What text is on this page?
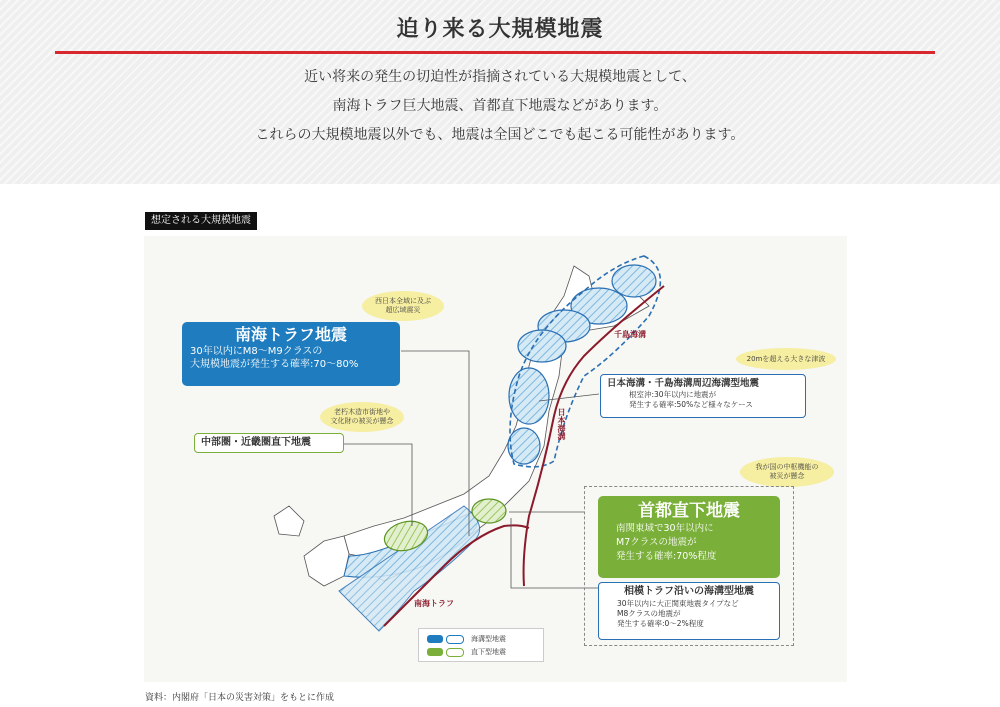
迫り来る大規模地震
近い将来の発生の切迫性が指摘されている大規模地震として、
南海トラフ巨大地震、首都直下地震などがあります。
これらの大規模地震以外でも、地震は全国どこでも起こる可能性があります。
想定される大規模地震
南海トラフ地震
30年以内にM8～M9クラスの
大規模地震が発生する確率:70～80%
西日本全域に及ぶ
超広域震災
中部圏・近畿圏直下地震
老朽木造市街地や
文化財の被災が懸念
日本海溝・千島海溝周辺海溝型地震
根室沖:30年以内に地震が
発生する確率:50%など様々なケース
20mを超える大きな津波
首都直下地震
南関東域で30年以内に
M7クラスの地震が
発生する確率:70%程度
我が国の中枢機能の
被災が懸念
相模トラフ沿いの海溝型地震
30年以内に大正関東地震タイプなど
M8クラスの地震が
発生する確率:0～2%程度
千島海溝
日本海溝
南海トラフ
海溝型地震
直下型地震
資料：内閣府「日本の災害対策」をもとに作成
